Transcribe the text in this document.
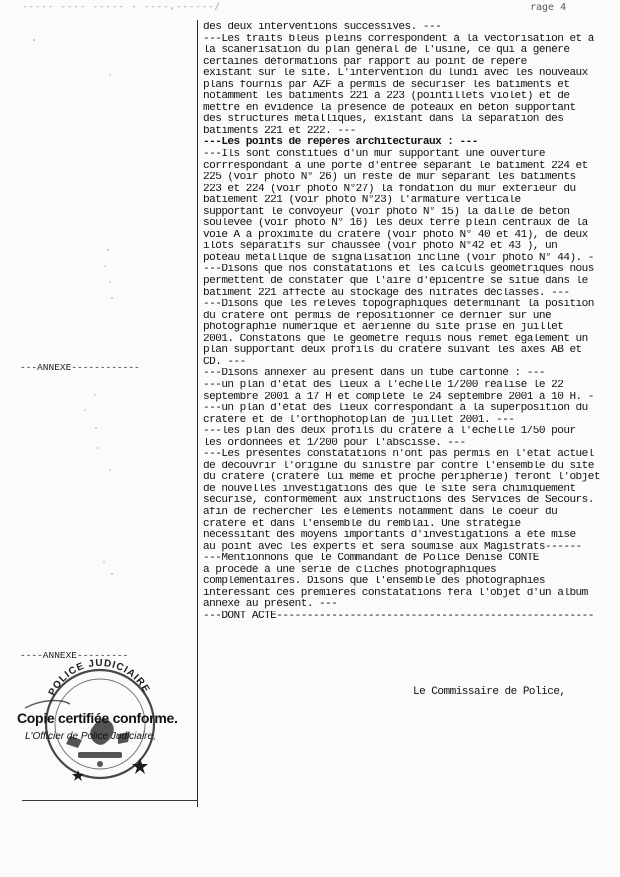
----- ---- ----- - ----,------/	rage 4
---ANNEXE------------
----ANNEXE---------

des deux interventions successives. ---

---Les traits bleus pleins correspondent à la vectorisation et à

la scanerisation du plan général de l'usine, ce qui a généré

certaines déformations par rapport au point de repère

existant sur le site. L'intervention du lundi avec les nouveaux

plans fournis par AZF a permis de sécuriser les batiments et

notamment les batiments 221 à 223 (pointillets violet) et de

mettre en évidence la présence de poteaux en béton supportant

des structures métalliques, existant dans la séparation des

batiments 221 et 222. ---

---Les points de repères architecturaux : ---

---Ils sont constitués d'un mur supportant une ouverture

corrrespondant à une porte d'entrée séparant le batiment 224 et

225 (voir photo N° 26) un reste de mur séparant les batiments

223 et 224 (voir photo N°27) la fondation du mur extérieur du

batiement 221 (voir photo N°23) l'armature verticale

supportant le convoyeur (voir photo N° 15) la dalle de béton

soulevée (voir photo N° 16) les deux terre plein centraux de la

voie A à proximité du cratère (voir photo N° 40 et 41), de deux

ilôts séparatifs sur chaussée (voir photo N°42 et 43 ), un

poteau métallique de signalisation incliné (voir photo N° 44). -

---Disons que nos constatations et les calculs géométriques nous

permettent de constater que l'aire d'épicentre se situe dans le

batiment 221 affecté au stockage des nitrates déclassés. ---

---Disons que les relevés topographiques déterminant la position

du cratère ont permis de repositionner ce dernier sur une

photographie numérique et aérienne du site prise en juillet

2001. Constatons que le géomètre requis nous remet également un

plan supportant deux profils du cratère suivant les axes AB et

CD. ---

---Disons annexer au présent dans un tube cartonné : ---

---un plan d'état des lieux à l'échelle 1/200 réalisé le 22

septembre 2001 à 17 H et complété le 24 septembre 2001 à 10 H. -

---un plan d'état des lieux correspondant à la superposition du

cratère et de l'orthophotoplan de juillet 2001. ---

---les plan des deux profils du cratère à l'échelle 1/50 pour

les ordonnées et 1/200 pour l'abscisse. ---

---Les présentes constatations n'ont pas permis en l'état actuel

de découvrir l'origine du sinistre par contre l'ensemble du site

du cratère (cratère lui même et proche périphérie) feront l'objet

de nouvelles investigations dès que le site sera chimiquement

sécurisé, conformément aux instructions des Services de Secours.

afin de rechercher les éléments notamment dans le coeur du

cratère et dans l'ensemble du remblai. Une stratégie

nécessitant des moyens importants d'investigations a été mise

au point avec les experts et sera soumise aux Magistrats------

---Mentionnons que le Commandant de Police Denise CONTE

a procédé à une série de clichés photographiques

complémentaires. Disons que l'ensemble des photographies

interessant ces premières constatations fera l'objet d'un album

annexé au présent. ---

---DONT ACTE----------------------------------------------------

Le Commissaire de Police,
POLICE JUDICIAIRE
Copie certifiée conforme.
L'Officier de Police Judiciaire,
